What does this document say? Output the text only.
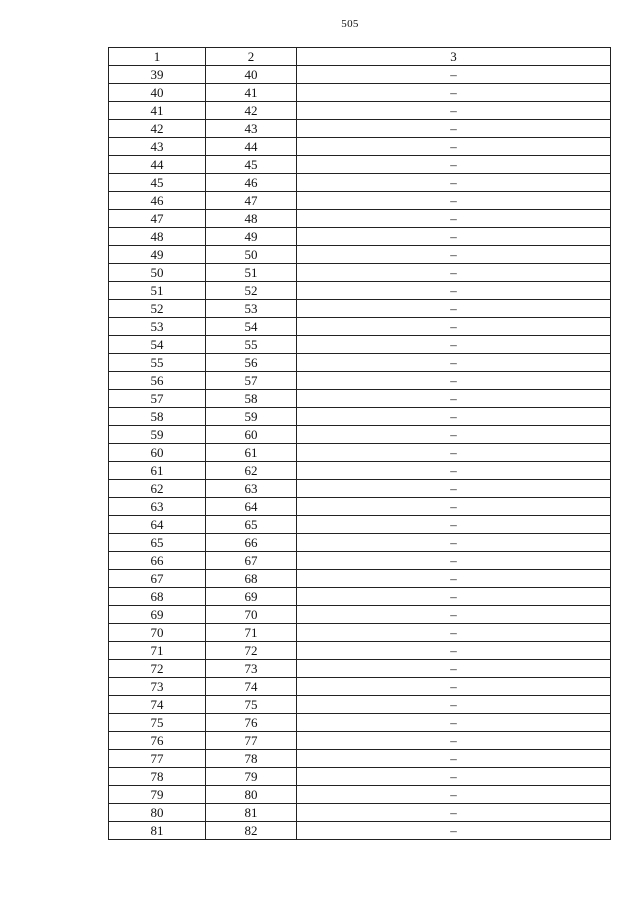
505
1	2	3
39	40	–
40	41	–
41	42	–
42	43	–
43	44	–
44	45	–
45	46	–
46	47	–
47	48	–
48	49	–
49	50	–
50	51	–
51	52	–
52	53	–
53	54	–
54	55	–
55	56	–
56	57	–
57	58	–
58	59	–
59	60	–
60	61	–
61	62	–
62	63	–
63	64	–
64	65	–
65	66	–
66	67	–
67	68	–
68	69	–
69	70	–
70	71	–
71	72	–
72	73	–
73	74	–
74	75	–
75	76	–
76	77	–
77	78	–
78	79	–
79	80	–
80	81	–
81	82	–
